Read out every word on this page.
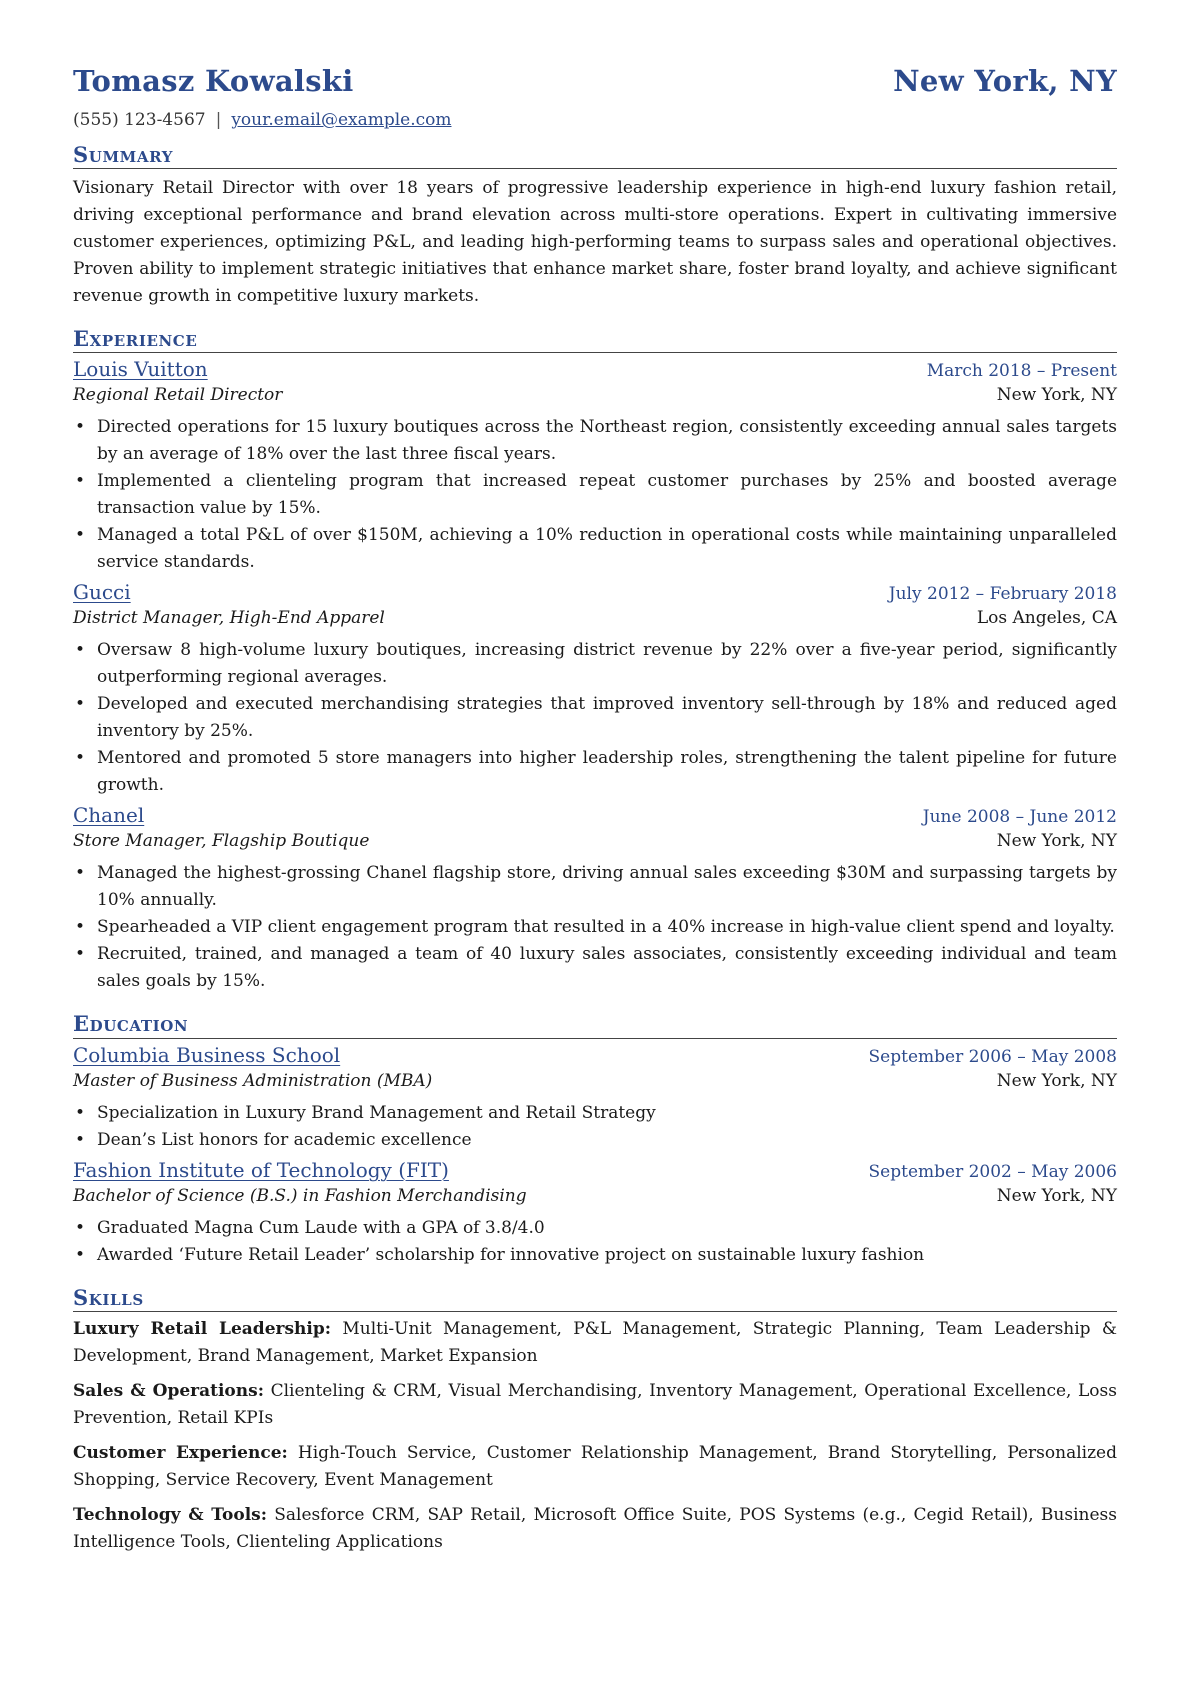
Tomasz Kowalski	New York, NY
(555) 123-4567 | your.email@example.com
Summary
Visionary Retail Director with over 18 years of progressive leadership experience in high-end luxury fashion retail, driving exceptional performance and brand elevation across multi-store operations. Expert in cultivating immersive customer experiences, optimizing P&L, and leading high-performing teams to surpass sales and operational objectives. Proven ability to implement strategic initiatives that enhance market share, foster brand loyalty, and achieve significant revenue growth in competitive luxury markets.
Experience
Louis Vuitton	March 2018 – Present
Regional Retail Director	New York, NY
• Directed operations for 15 luxury boutiques across the Northeast region, consistently exceeding annual sales targets by an average of 18% over the last three fiscal years.
• Implemented a clienteling program that increased repeat customer purchases by 25% and boosted average transaction value by 15%.
• Managed a total P&L of over $150M, achieving a 10% reduction in operational costs while maintaining unparalleled service standards.
Gucci	July 2012 – February 2018
District Manager, High-End Apparel	Los Angeles, CA
• Oversaw 8 high-volume luxury boutiques, increasing district revenue by 22% over a five-year period, significantly outperforming regional averages.
• Developed and executed merchandising strategies that improved inventory sell-through by 18% and reduced aged inventory by 25%.
• Mentored and promoted 5 store managers into higher leadership roles, strengthening the talent pipeline for future growth.
Chanel	June 2008 – June 2012
Store Manager, Flagship Boutique	New York, NY
• Managed the highest-grossing Chanel flagship store, driving annual sales exceeding $30M and surpassing targets by 10% annually.
• Spearheaded a VIP client engagement program that resulted in a 40% increase in high-value client spend and loyalty.
• Recruited, trained, and managed a team of 40 luxury sales associates, consistently exceeding individual and team sales goals by 15%.
Education
Columbia Business School	September 2006 – May 2008
Master of Business Administration (MBA)	New York, NY
• Specialization in Luxury Brand Management and Retail Strategy
• Dean’s List honors for academic excellence
Fashion Institute of Technology (FIT)	September 2002 – May 2006
Bachelor of Science (B.S.) in Fashion Merchandising	New York, NY
• Graduated Magna Cum Laude with a GPA of 3.8/4.0
• Awarded ‘Future Retail Leader’ scholarship for innovative project on sustainable luxury fashion
Skills
Luxury Retail Leadership: Multi-Unit Management, P&L Management, Strategic Planning, Team Leadership & Development, Brand Management, Market Expansion
Sales & Operations: Clienteling & CRM, Visual Merchandising, Inventory Management, Operational Excellence, Loss Prevention, Retail KPIs
Customer Experience: High-Touch Service, Customer Relationship Management, Brand Storytelling, Personalized Shopping, Service Recovery, Event Management
Technology & Tools: Salesforce CRM, SAP Retail, Microsoft Office Suite, POS Systems (e.g., Cegid Retail), Business Intelligence Tools, Clienteling Applications
